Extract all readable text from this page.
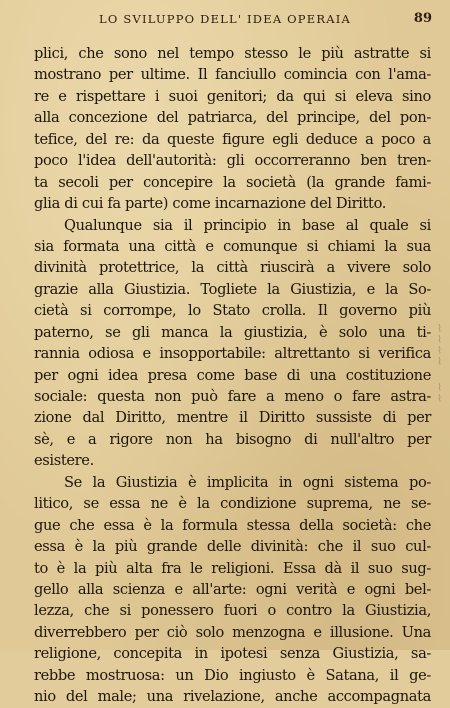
LO SVILUPPO DELL' IDEA OPERAIA	89
plici, che sono nel tempo stesso le più astratte si
mostrano per ultime. Il fanciullo comincia con l'ama-
re e rispettare i suoi genitori; da qui si eleva sino
alla concezione del patriarca, del principe, del pon-
tefice, del re: da queste figure egli deduce a poco a
poco l'idea dell'autorità: gli occorreranno ben tren-
ta secoli per concepire la società (la grande fami-
glia di cui fa parte) come incarnazione del Diritto.
Qualunque sia il principio in base al quale si
sia formata una città e comunque si chiami la sua
divinità protettrice, la città riuscirà a vivere solo
grazie alla Giustizia. Togliete la Giustizia, e la So-
cietà si corrompe, lo Stato crolla. Il governo più
paterno, se gli manca la giustizia, è solo una ti-
rannia odiosa e insopportabile: altrettanto si verifica
per ogni idea presa come base di una costituzione
sociale: questa non può fare a meno o fare astra-
zione dal Diritto, mentre il Diritto sussiste di per
sè, e a rigore non ha bisogno di null'altro per
esistere.
Se la Giustizia è implicita in ogni sistema po-
litico, se essa ne è la condizione suprema, ne se-
gue che essa è la formula stessa della società: che
essa è la più grande delle divinità: che il suo cul-
to è la più alta fra le religioni. Essa dà il suo sug-
gello alla scienza e all'arte: ogni verità e ogni bel-
lezza, che si ponessero fuori o contro la Giustizia,
diverrebbero per ciò solo menzogna e illusione. Una
religione, concepita in ipotesi senza Giustizia, sa-
rebbe mostruosa: un Dio ingiusto è Satana, il ge-
nio del male; una rivelazione, anche accompagnata
⌇⌇⌇⌇
⌇⌇
